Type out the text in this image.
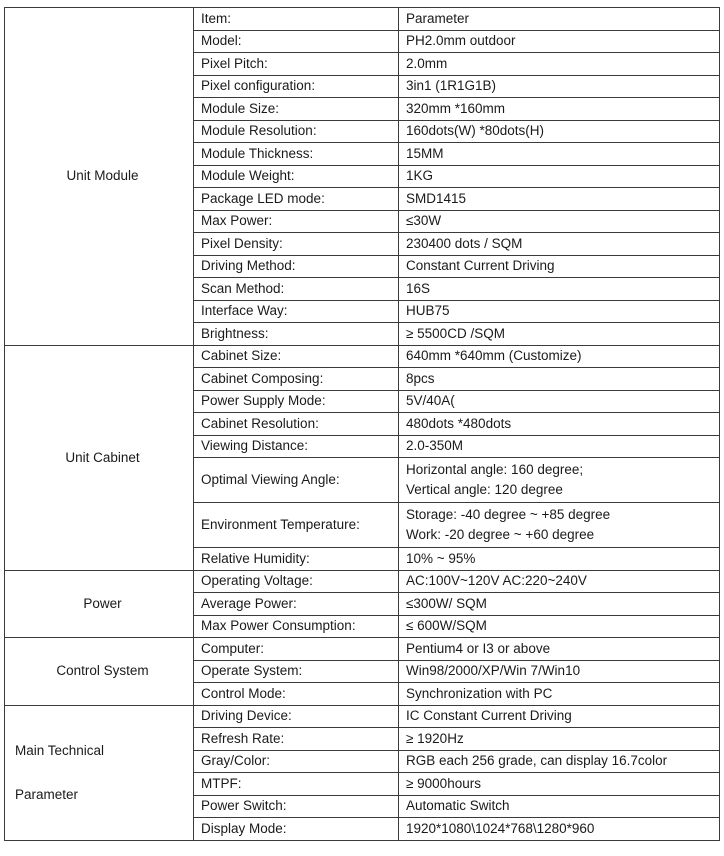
Unit Module	Item:	Parameter
	Model:	PH2.0mm outdoor
	Pixel Pitch:	2.0mm
	Pixel configuration:	3in1 (1R1G1B)
	Module Size:	320mm *160mm
	Module Resolution:	160dots(W) *80dots(H)
	Module Thickness:	15MM
	Module Weight:	1KG
	Package LED mode:	SMD1415
	Max Power:	≤30W
	Pixel Density:	230400 dots / SQM
	Driving Method:	Constant Current Driving
	Scan Method:	16S
	Interface Way:	HUB75
	Brightness:	≥ 5500CD /SQM
Unit Cabinet	Cabinet Size:	640mm *640mm (Customize)
	Cabinet Composing:	8pcs
	Power Supply Mode:	5V/40A(
	Cabinet Resolution:	480dots *480dots
	Viewing Distance:	2.0-350M
	Optimal Viewing Angle:	Horizontal angle: 160 degree;
Vertical angle: 120 degree

	Environment Temperature:	Storage: -40 degree ~ +85 degree
Work: -20 degree ~ +60 degree

	Relative Humidity:	10% ~ 95%
Power	Operating Voltage:	AC:100V~120V AC:220~240V
	Average Power:	≤300W/ SQM
	Max Power Consumption:	≤ 600W/SQM
Control System	Computer:	Pentium4 or I3 or above
	Operate System:	Win98/2000/XP/Win 7/Win10
	Control Mode:	Synchronization with PC

Main Technical
Parameter	Driving Device:	IC Constant Current Driving
	Refresh Rate:	≥ 1920Hz
	Gray/Color:	RGB each 256 grade, can display 16.7color
	MTPF:	≥ 9000hours
	Power Switch:	Automatic Switch
	Display Mode:	1920*1080\1024*768\1280*960
